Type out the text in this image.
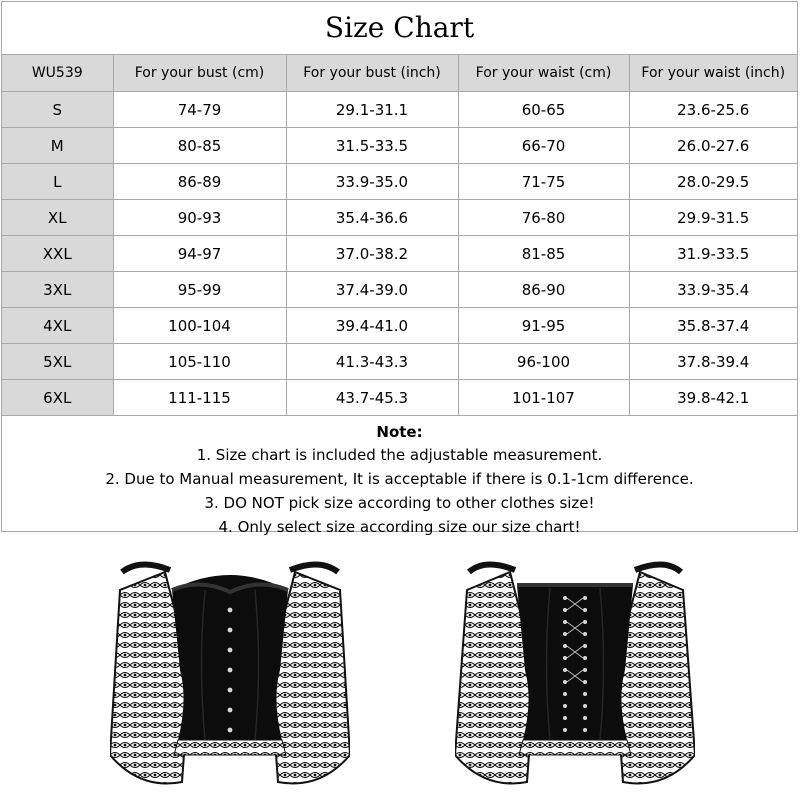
Size Chart
WU539	For your bust (cm)	For your bust (inch)	For your waist (cm)	For your waist (inch)
S	74-79	29.1-31.1	60-65	23.6-25.6
M	80-85	31.5-33.5	66-70	26.0-27.6
L	86-89	33.9-35.0	71-75	28.0-29.5
XL	90-93	35.4-36.6	76-80	29.9-31.5
XXL	94-97	37.0-38.2	81-85	31.9-33.5
3XL	95-99	37.4-39.0	86-90	33.9-35.4
4XL	100-104	39.4-41.0	91-95	35.8-37.4
5XL	105-110	41.3-43.3	96-100	37.8-39.4
6XL	111-115	43.7-45.3	101-107	39.8-42.1
Note:
1. Size chart is included the adjustable measurement.
2. Due to Manual measurement, It is acceptable if there is 0.1-1cm difference.
3. DO NOT pick size according to other clothes size!
4. Only select size according size our size chart!
